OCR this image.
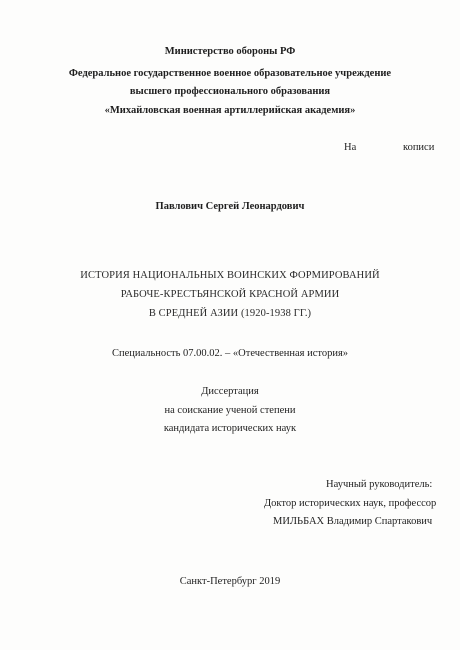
Министерство обороны РФ
Федеральное государственное военное образовательное учреждение
высшего профессионального образования
«Михайловская военная артиллерийская академия»
На	кописи
Павлович Сергей Леонардович
ИСТОРИЯ НАЦИОНАЛЬНЫХ ВОИНСКИХ ФОРМИРОВАНИЙ
РАБОЧЕ-КРЕСТЬЯНСКОЙ КРАСНОЙ АРМИИ
В СРЕДНЕЙ АЗИИ (1920-1938 ГГ.)
Специальность 07.00.02. – «Отечественная история»
Диссертация
на соискание ученой степени
кандидата исторических наук
Научный руководитель:
Доктор исторических наук, профессор
МИЛЬБАХ Владимир Спартакович
Санкт-Петербург 2019
